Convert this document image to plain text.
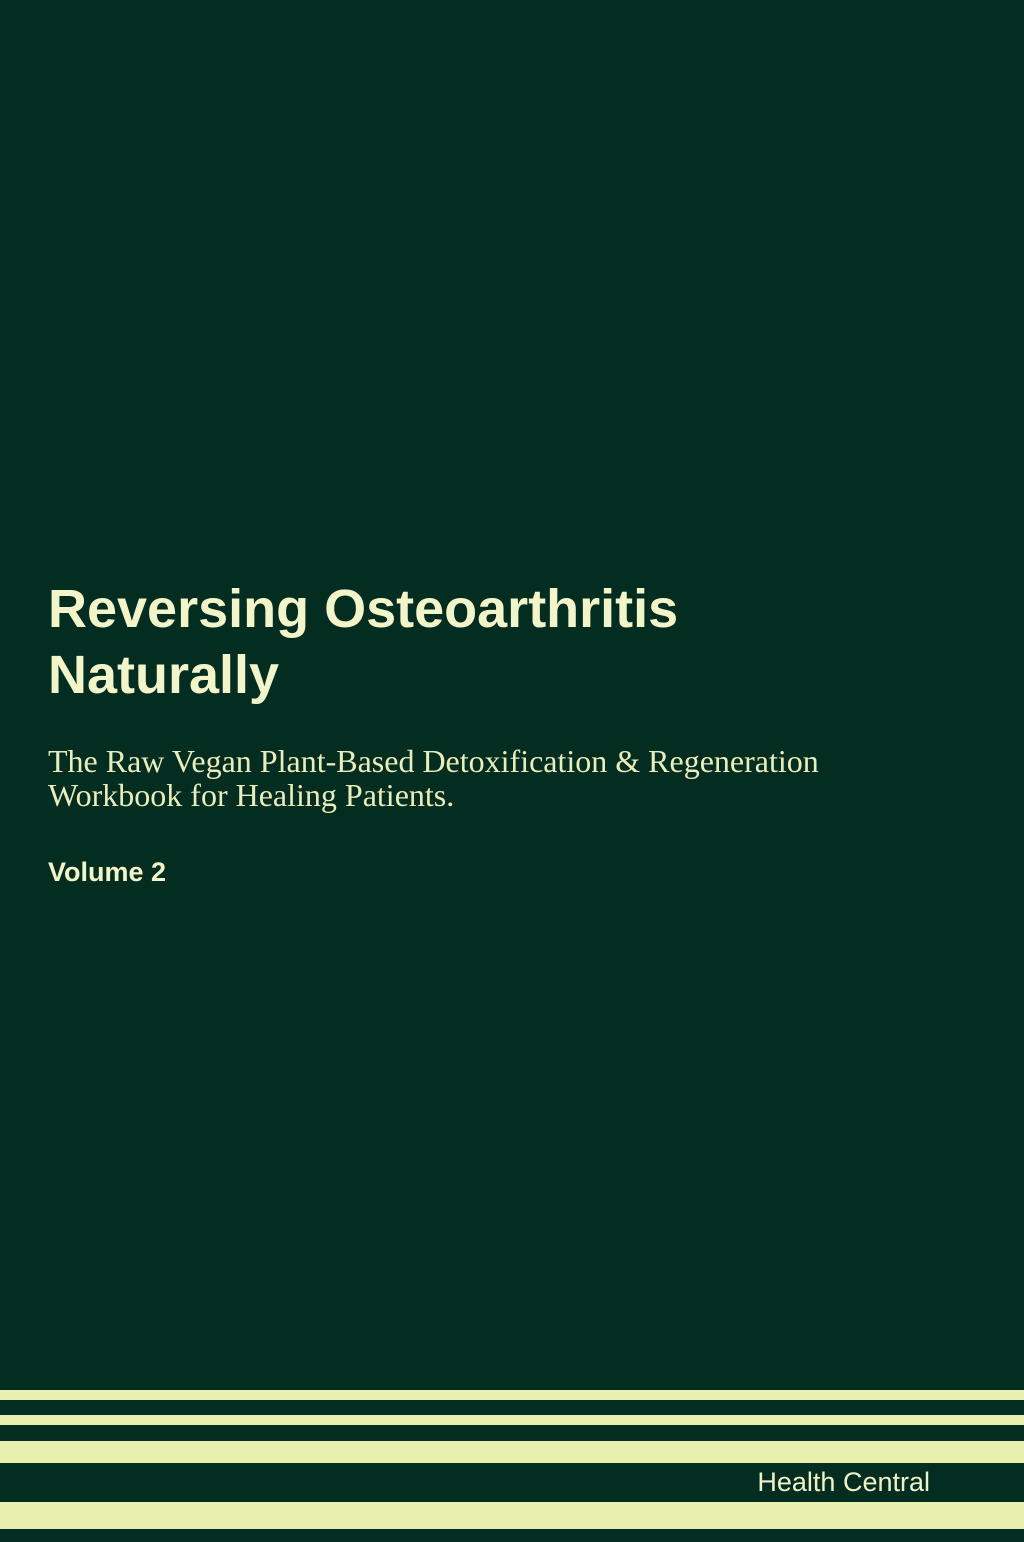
Reversing Osteoarthritis Naturally

The Raw Vegan Plant-Based Detoxification & Regeneration Workbook for Healing Patients.

Volume 2

Health Central
